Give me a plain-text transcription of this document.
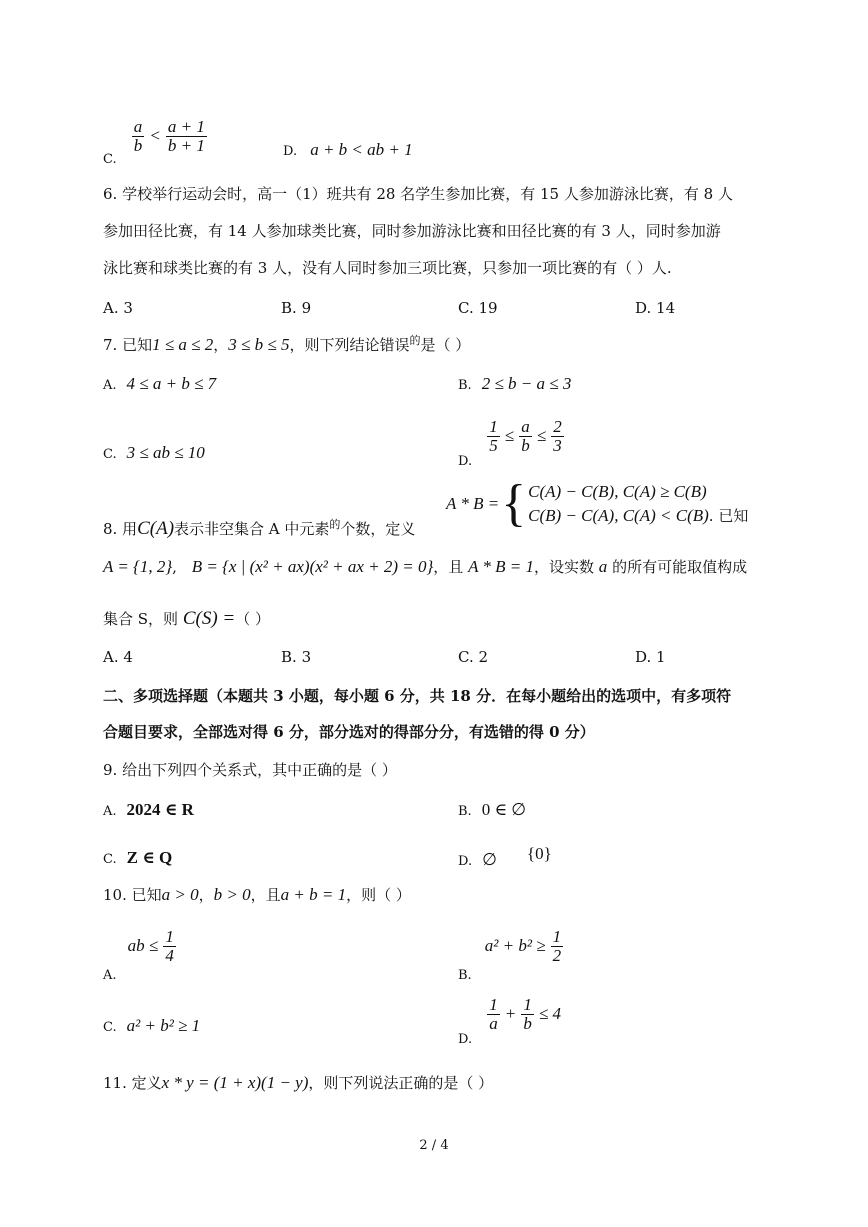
$_{C.}$
$\frac{a}{b} < \frac{a + 1}{b + 1}$	D. a + b < ab + 1
6. 学校举行运动会时，高一（1）班共有 28 名学生参加比赛，有 15 人参加游泳比赛，有 8 人
参加田径比赛，有 14 人参加球类比赛，同时参加游泳比赛和田径比赛的有 3 人，同时参加游
泳比赛和球类比赛的有 3 人，没有人同时参加三项比赛，只参加一项比赛的有（ ）人.
A. 3	B. 9	C. 19	D. 14
7. 已知1 ≤ a ≤ 2，3 ≤ b ≤ 5，则下列结论错误$^的$是（ ）
A. 4 ≤ a + b ≤ 7	B. 2 ≤ b − a ≤ 3
C. 3 ≤ ab ≤ 10	$_{D.}$
$\frac{1}{5} \le \frac{a}{b} \le \frac{2}{3}$
8. 用C(A)表示非空集合 A 中元素$^的$个数，定义
A * B = { C(A) − C(B), C(A) ≥ C(B)
C(B) − C(A), C(A) < C(B) . 已知
A = {1, 2}, B = {x | (x² + ax)(x² + ax + 2) = 0}，且 A * B = 1，设实数 a 的所有可能取值构成
集合 S，则 C(S) =（ ）
A. 4	B. 3	C. 2	D. 1
二、多项选择题（本题共 3 小题，每小题 6 分，共 18 分．在每小题给出的选项中，有多项符
合题目要求，全部选对得 6 分，部分选对的得部分分，有选错的得 0 分）
9. 给出下列四个关系式，其中正确的是（ ）
A. 2024 ∈ R	B. 0 ∈ ∅
C. Z ∈ Q	D. ∅ {0}
10. 已知a > 0，b > 0，且a + b = 1，则（ ）
$_{A.}$ ab ≤ $\frac{1}{4}$
$_{B.}$ $a^2 + b^2 \ge \frac{1}{2}$
C. a² + b² ≥ 1
$_{D.}$
$\frac{1}{a} + \frac{1}{b} \le 4$
11. 定义x * y = (1 + x)(1 − y)，则下列说法正确的是（ ）
2 / 4
